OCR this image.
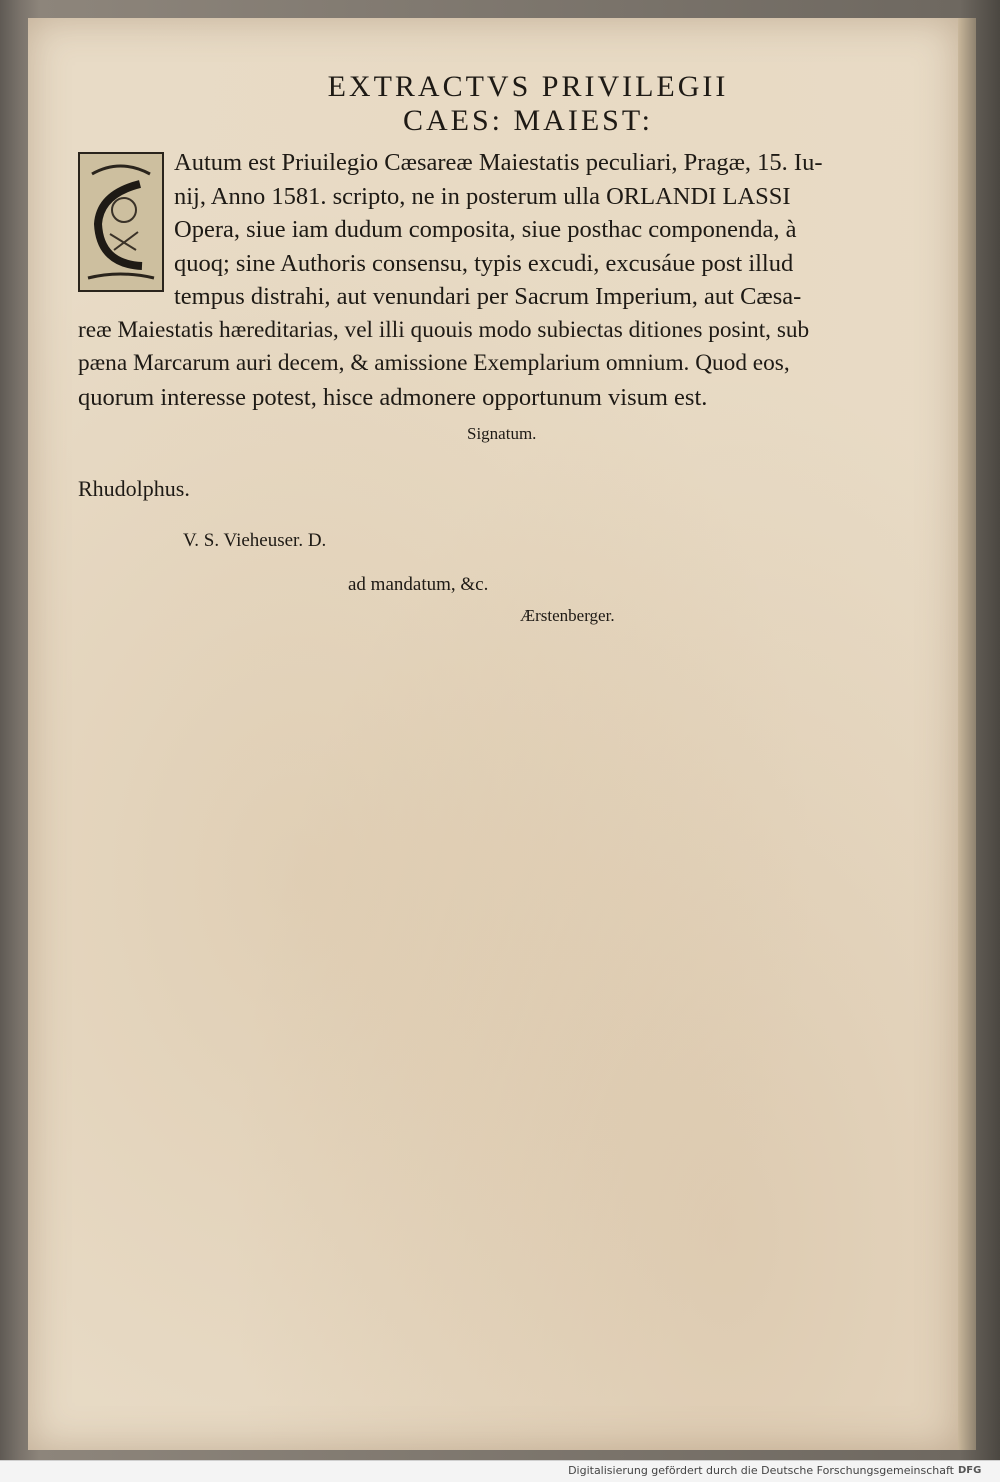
EXTRACTVS PRIVILEGII
CAES: MAIEST:
Autum est Priuilegio Cæsareæ Maiestatis peculiari, Pragæ, 15. Iu-
nij, Anno 1581. scripto, ne in posterum ulla ORLANDI LASSI
Opera, siue iam dudum composita, siue posthac componenda, à
quoq; sine Authoris consensu, typis excudi, excusáue post illud
tempus distrahi, aut venundari per Sacrum Imperium, aut Cæsa-
reæ Maiestatis hæreditarias, vel illi quouis modo subiectas ditiones posint, sub
pæna Marcarum auri decem, & amissione Exemplarium omnium. Quod eos,
quorum interesse potest, hisce admonere opportunum visum est.
Signatum.
Rhudolphus.
V. S. Vieheuser. D.
ad mandatum, &c.
Ærstenberger.
Digitalisierung gefördert durch die Deutsche Forschungsgemeinschaft DFG
